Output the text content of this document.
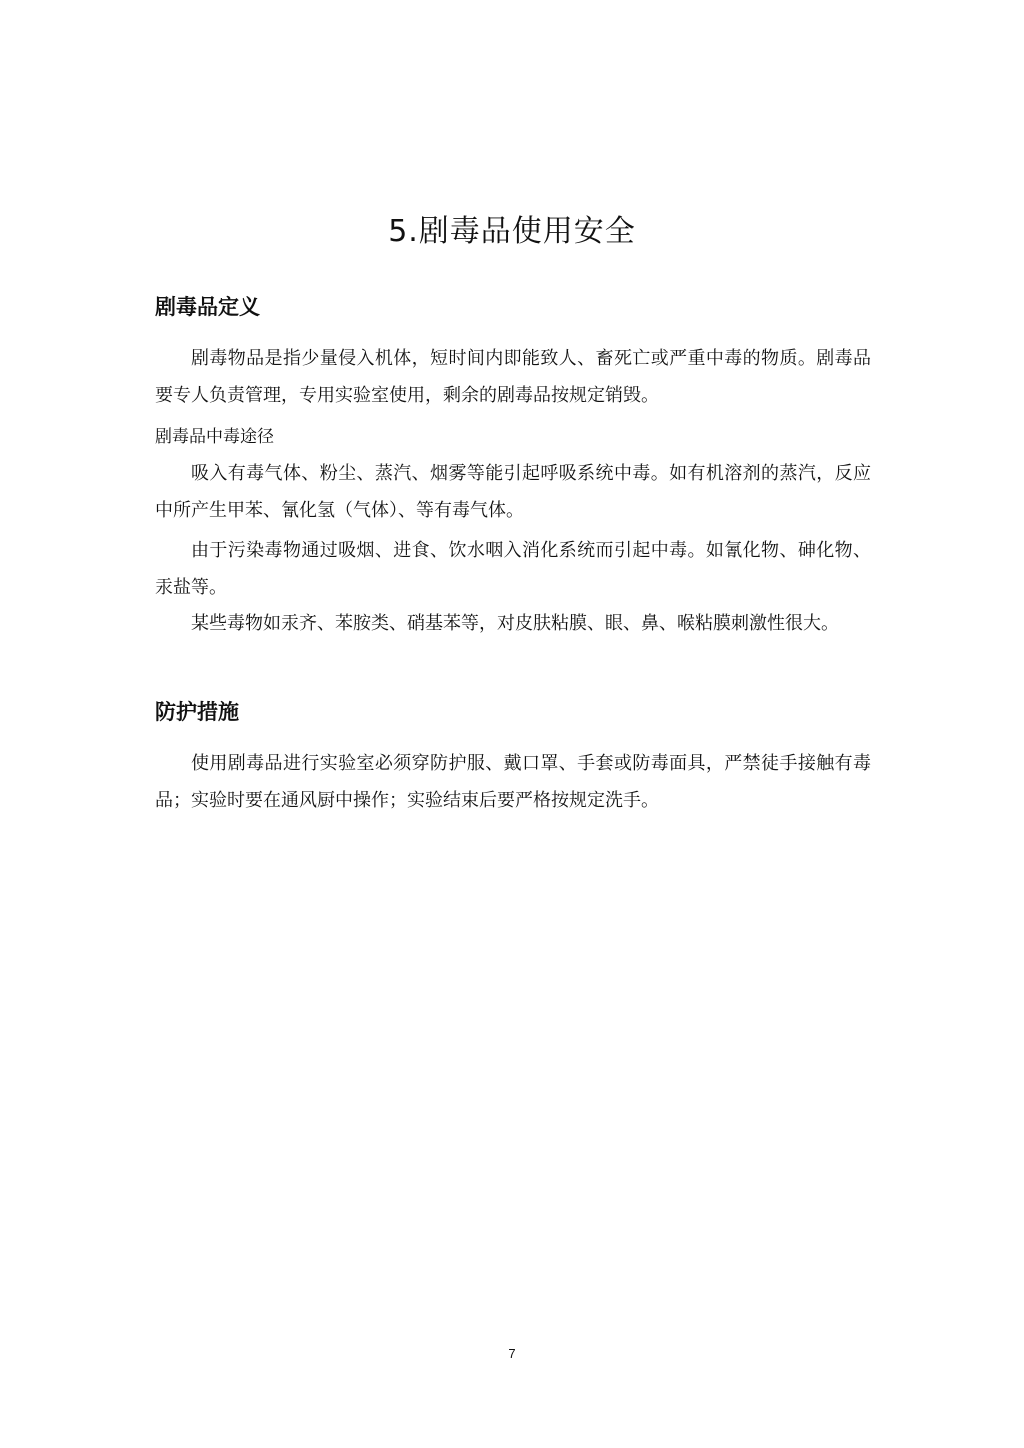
5.剧毒品使用安全
剧毒品定义

剧毒物品是指少量侵入机体，短时间内即能致人、畜死亡或严重中毒的物质。剧毒品要专人负责管理，专用实验室使用，剩余的剧毒品按规定销毁。

剧毒品中毒途径

吸入有毒气体、粉尘、蒸汽、烟雾等能引起呼吸系统中毒。如有机溶剂的蒸汽，反应中所产生甲苯、氰化氢（气体）、等有毒气体。

由于污染毒物通过吸烟、进食、饮水咽入消化系统而引起中毒。如氰化物、砷化物、汞盐等。

某些毒物如汞齐、苯胺类、硝基苯等，对皮肤粘膜、眼、鼻、喉粘膜刺激性很大。

防护措施

使用剧毒品进行实验室必须穿防护服、戴口罩、手套或防毒面具，严禁徒手接触有毒品；实验时要在通风厨中操作；实验结束后要严格按规定洗手。

7
